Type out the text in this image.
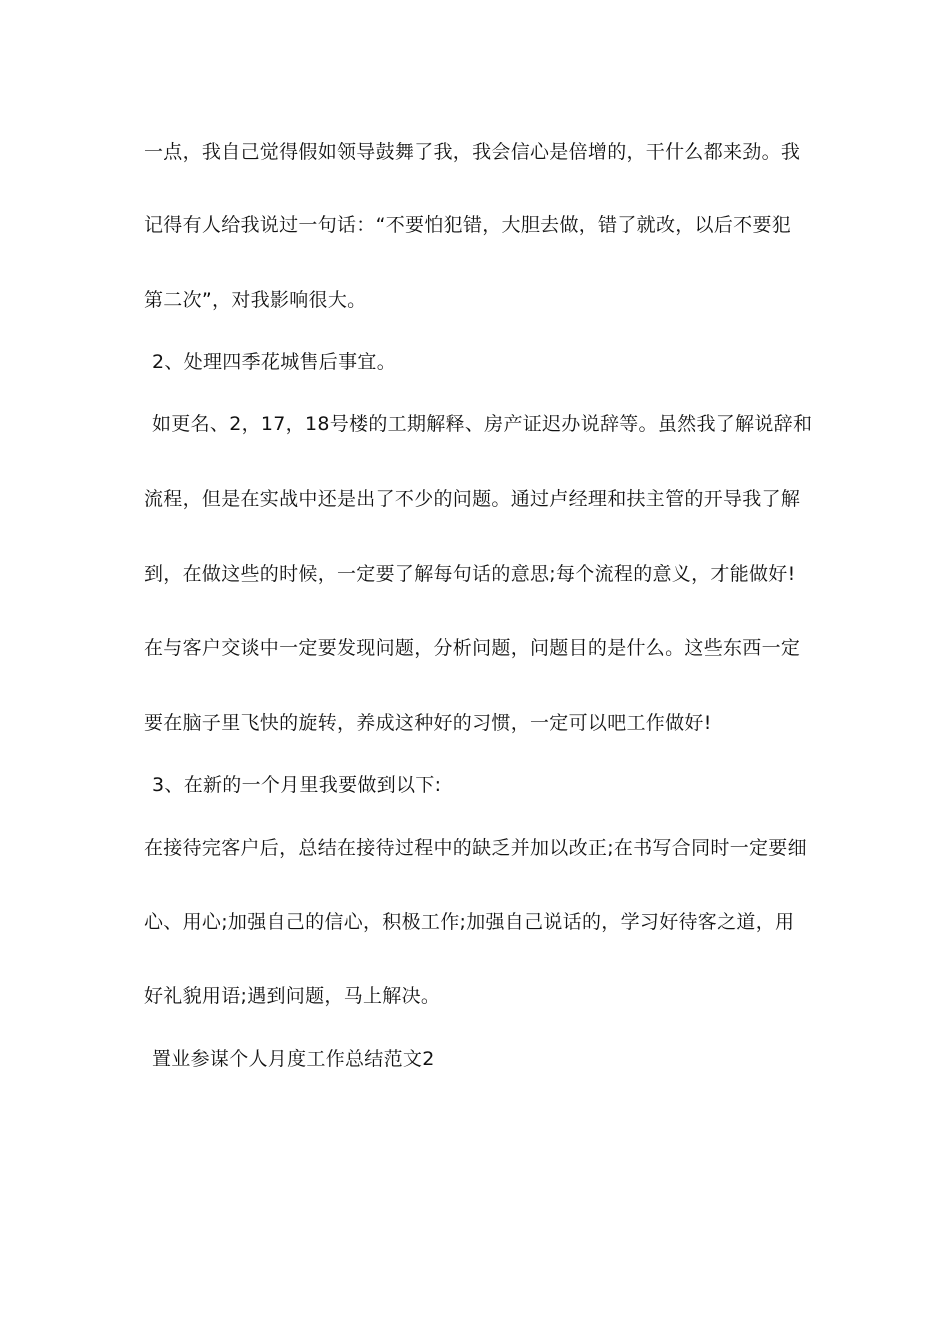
一点，我自己觉得假如领导鼓舞了我，我会信心是倍增的，干什么都来劲。我
记得有人给我说过一句话：“不要怕犯错，大胆去做，错了就改，以后不要犯
第二次”，对我影响很大。
2、处理四季花城售后事宜。
如更名、2，17，18号楼的工期解释、房产证迟办说辞等。虽然我了解说辞和
流程，但是在实战中还是出了不少的问题。通过卢经理和扶主管的开导我了解
到，在做这些的时候，一定要了解每句话的意思;每个流程的意义，才能做好!
在与客户交谈中一定要发现问题，分析问题，问题目的是什么。这些东西一定
要在脑子里飞快的旋转，养成这种好的习惯，一定可以吧工作做好!
3、在新的一个月里我要做到以下:
在接待完客户后，总结在接待过程中的缺乏并加以改正;在书写合同时一定要细
心、用心;加强自己的信心，积极工作;加强自己说话的，学习好待客之道，用
好礼貌用语;遇到问题，马上解决。
置业参谋个人月度工作总结范文2
